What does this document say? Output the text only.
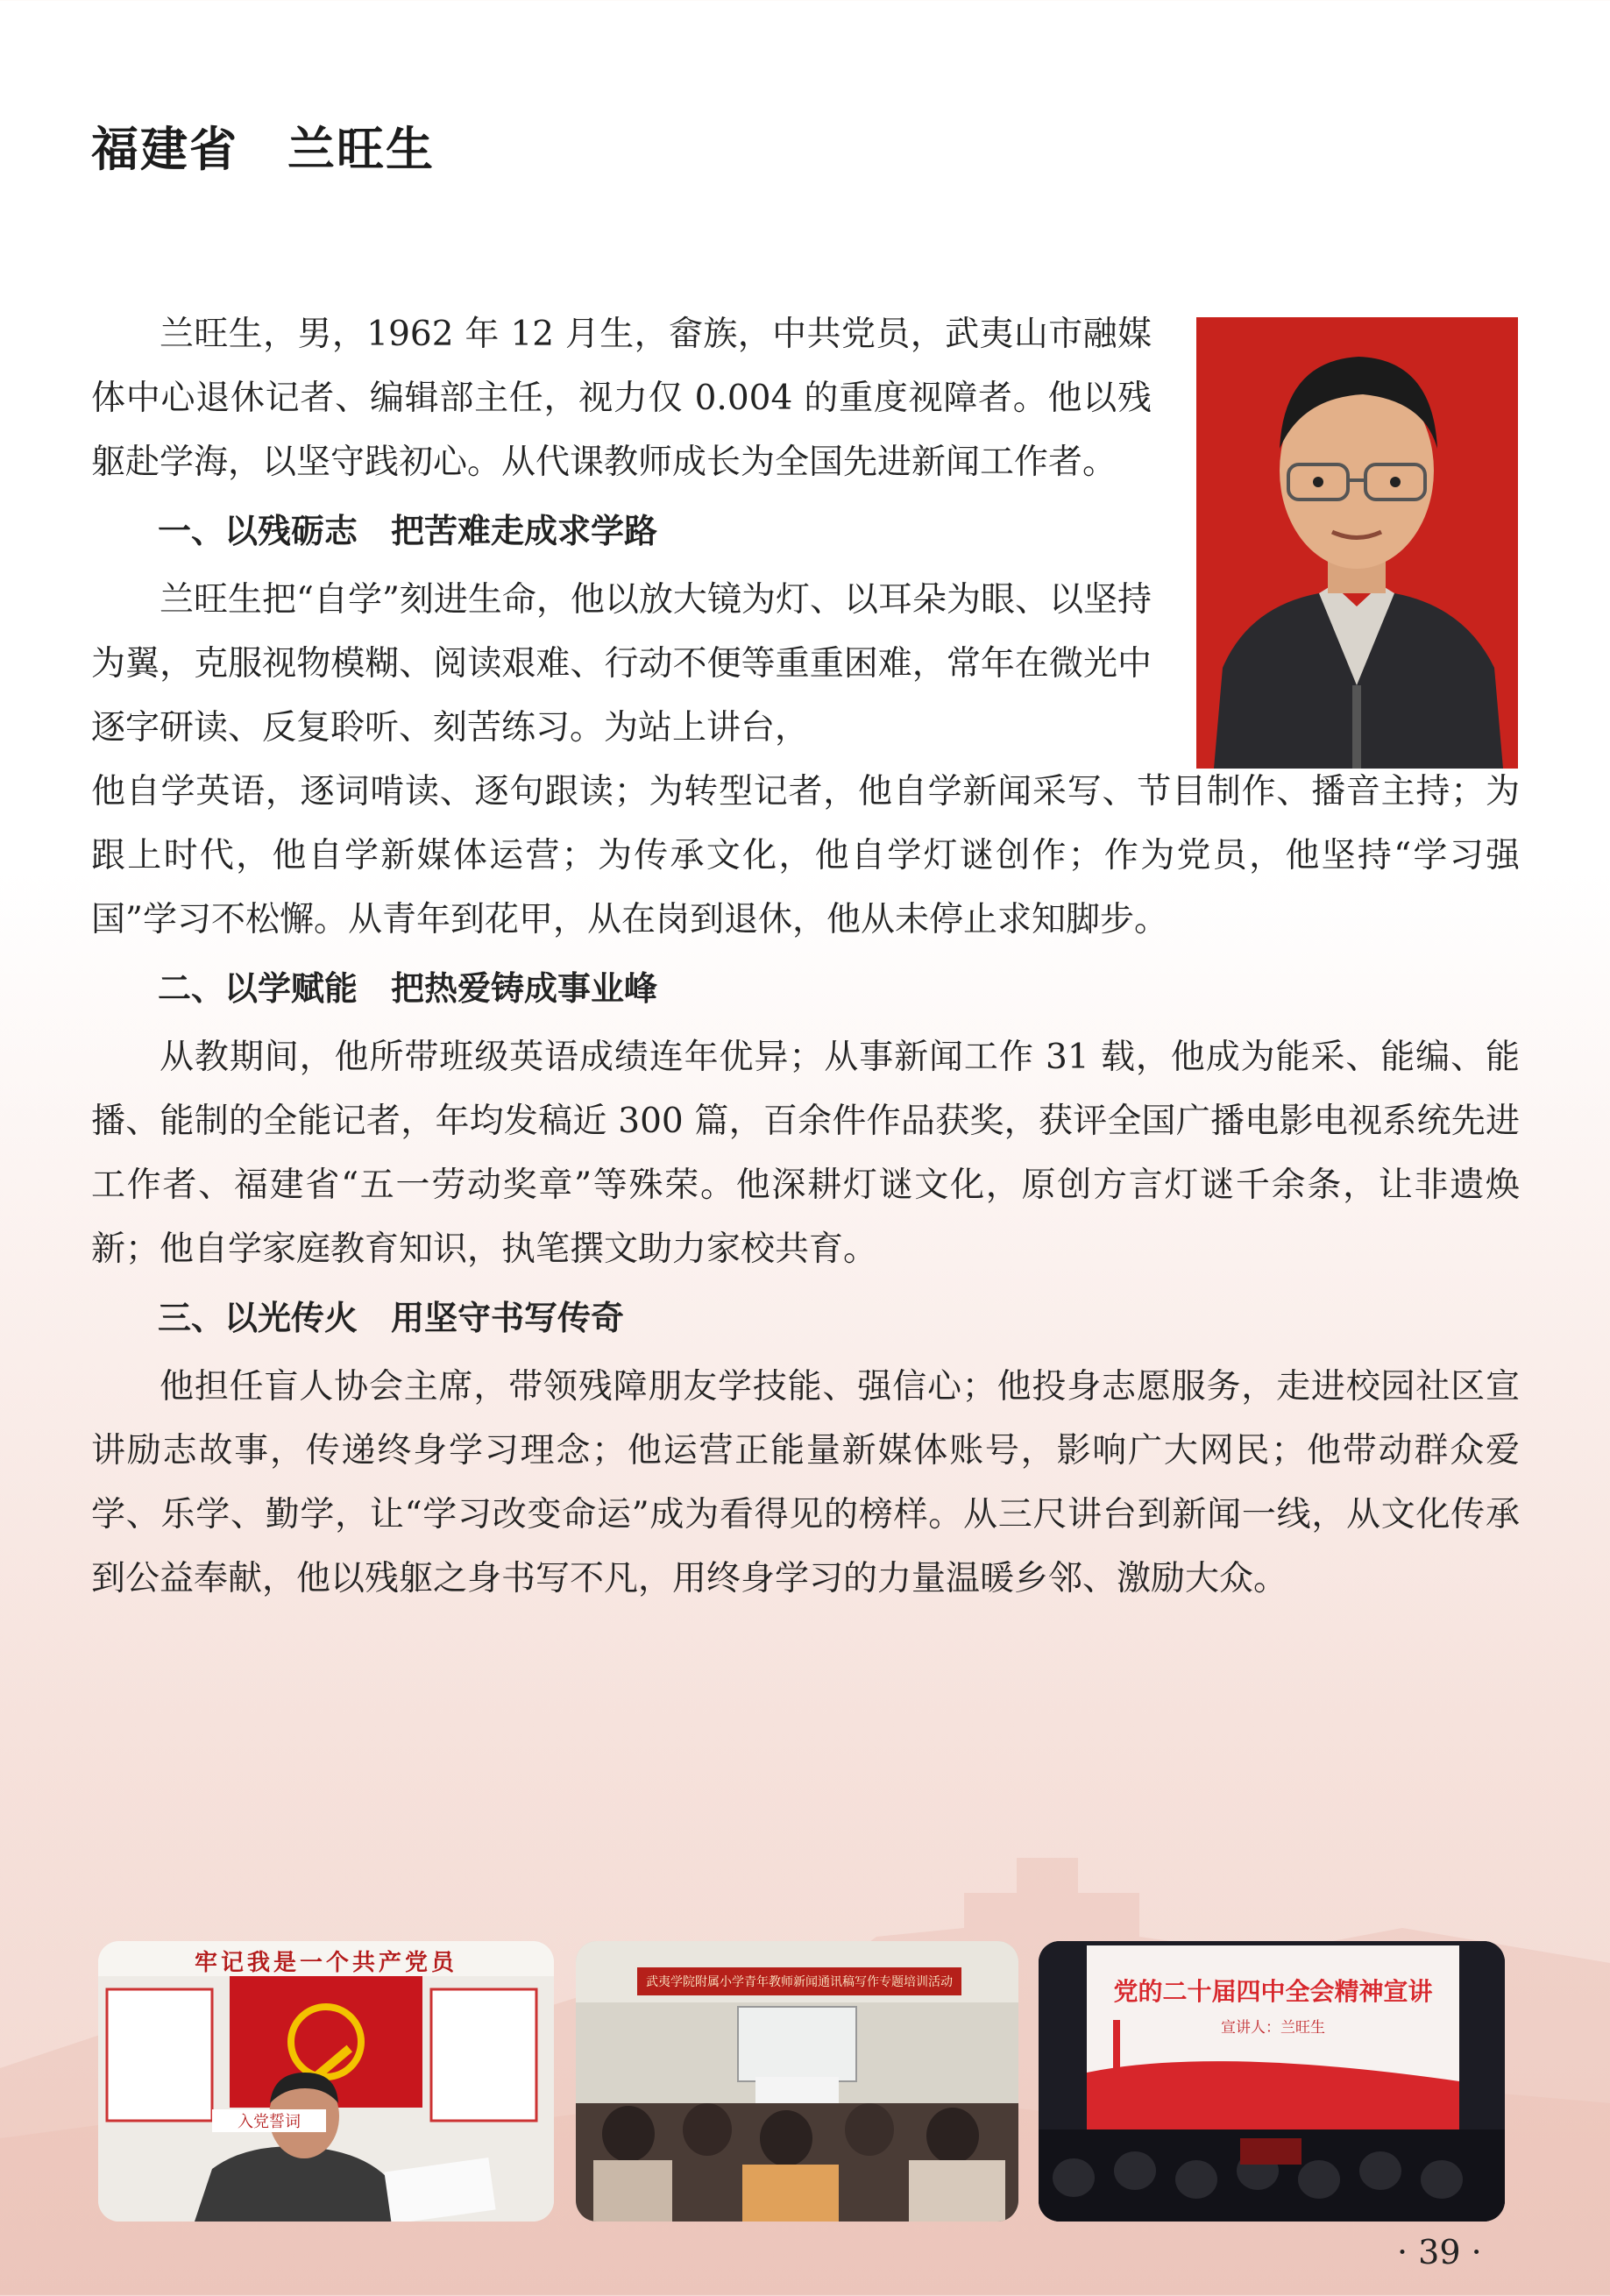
福建省　兰旺生

兰旺生，男，1962 年 12 月生，畲族，中共党员，武夷山市融媒体中心退休记者、编辑部主任，视力仅 0.004 的重度视障者。他以残躯赴学海，以坚守践初心。从代课教师成长为全国先进新闻工作者。

一、以残砺志　把苦难走成求学路

兰旺生把“自学”刻进生命，他以放大镜为灯、以耳朵为眼、以坚持为翼，克服视物模糊、阅读艰难、行动不便等重重困难，常年在微光中逐字研读、反复聆听、刻苦练习。为站上讲台，

他自学英语，逐词啃读、逐句跟读；为转型记者，他自学新闻采写、节目制作、播音主持；为跟上时代，他自学新媒体运营；为传承文化，他自学灯谜创作；作为党员，他坚持“学习强国”学习不松懈。从青年到花甲，从在岗到退休，他从未停止求知脚步。

二、以学赋能　把热爱铸成事业峰

从教期间，他所带班级英语成绩连年优异；从事新闻工作 31 载，他成为能采、能编、能播、能制的全能记者，年均发稿近 300 篇，百余件作品获奖，获评全国广播电影电视系统先进工作者、福建省“五一劳动奖章”等殊荣。他深耕灯谜文化，原创方言灯谜千余条，让非遗焕新；他自学家庭教育知识，执笔撰文助力家校共育。

三、以光传火　用坚守书写传奇

他担任盲人协会主席，带领残障朋友学技能、强信心；他投身志愿服务，走进校园社区宣讲励志故事，传递终身学习理念；他运营正能量新媒体账号，影响广大网民；他带动群众爱学、乐学、勤学，让“学习改变命运”成为看得见的榜样。从三尺讲台到新闻一线，从文化传承到公益奉献，他以残躯之身书写不凡，用终身学习的力量温暖乡邻、激励大众。

牢记我是一个共产党员
入党誓词
武夷学院附属小学青年教师新闻通讯稿写作专题培训活动	党的二十届四中全会精神宣讲
宣讲人：兰旺生
· 39 ·
